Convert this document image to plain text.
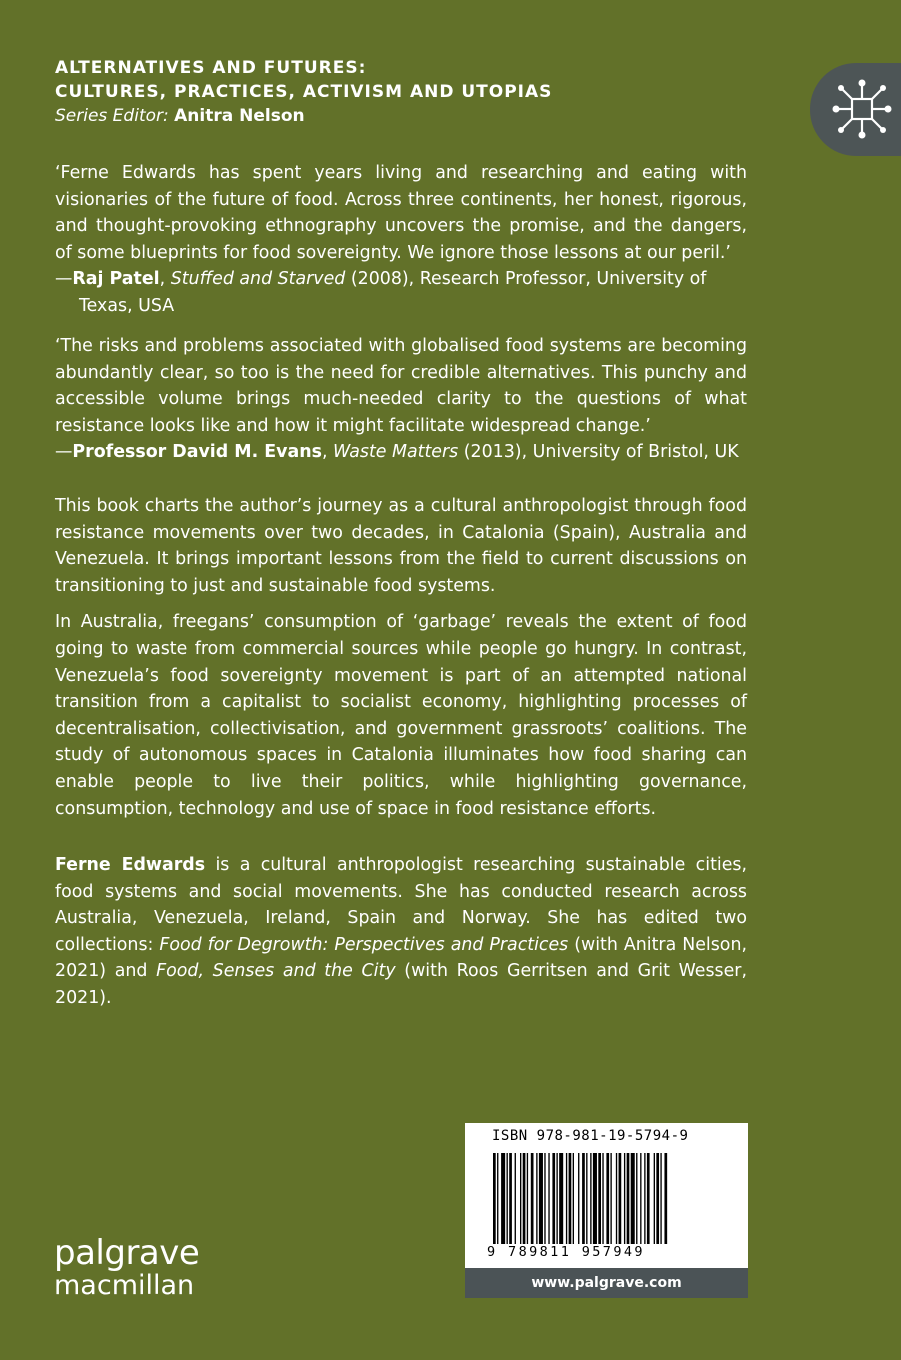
ALTERNATIVES AND FUTURES:
CULTURES, PRACTICES, ACTIVISM AND UTOPIAS
Series Editor: Anitra Nelson
‘Ferne Edwards has spent years living and researching and eating with visionaries of the future of food. Across three continents, her honest, rigorous, and thought-provoking ethnography uncovers the promise, and the dangers, of some blueprints for food sovereignty. We ignore those lessons at our peril.’
—Raj Patel, Stuffed and Starved (2008), Research Professor, University of Texas, USA
‘The risks and problems associated with globalised food systems are becoming abundantly clear, so too is the need for credible alternatives. This punchy and accessible volume brings much-needed clarity to the questions of what resistance looks like and how it might facilitate widespread change.’
—Professor David M. Evans, Waste Matters (2013), University of Bristol, UK
This book charts the author’s journey as a cultural anthropologist through food resistance movements over two decades, in Catalonia (Spain), Australia and Venezuela. It brings important lessons from the field to current discussions on transitioning to just and sustainable food systems.
In Australia, freegans’ consumption of ‘garbage’ reveals the extent of food going to waste from commercial sources while people go hungry. In contrast, Venezuela’s food sovereignty movement is part of an attempted national transition from a capitalist to socialist economy, highlighting processes of decentralisation, collectivisation, and government grassroots’ coalitions. The study of autonomous spaces in Catalonia illuminates how food sharing can enable people to live their politics, while highlighting governance, consumption, technology and use of space in food resistance efforts.
Ferne Edwards is a cultural anthropologist researching sustainable cities, food systems and social movements. She has conducted research across Australia, Venezuela, Ireland, Spain and Norway. She has edited two collections: Food for Degrowth: Perspectives and Practices (with Anitra Nelson, 2021) and Food, Senses and the City (with Roos Gerritsen and Grit Wesser, 2021).
ISBN 978-981-19-5794-9
9 789811 957949
www.palgrave.com
palgrave
macmillan
